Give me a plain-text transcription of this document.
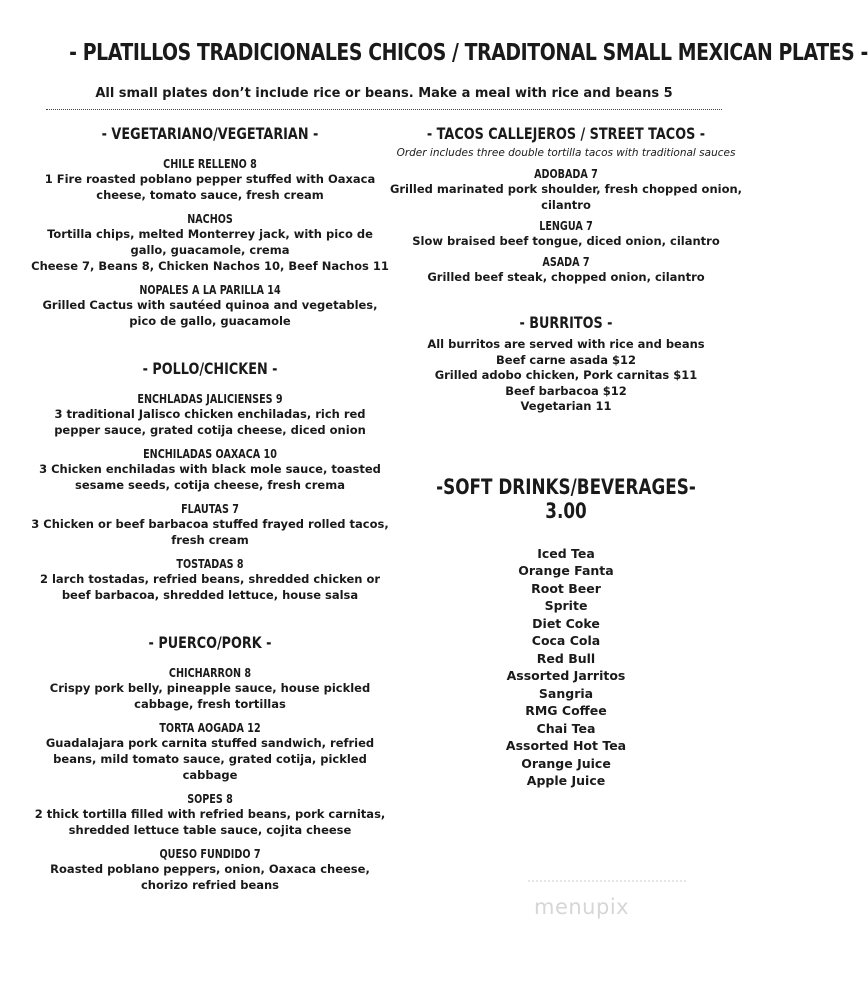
- PLATILLOS TRADICIONALES CHICOS / TRADITONAL SMALL MEXICAN PLATES -
All small plates don’t include rice or beans. Make a meal with rice and beans 5
- VEGETARIANO/VEGETARIAN -
CHILE RELLENO 8
1 Fire roasted poblano pepper stuffed with Oaxaca cheese, tomato sauce, fresh cream
NACHOS
Tortilla chips, melted Monterrey jack, with pico de gallo, guacamole, crema
Cheese 7, Beans 8, Chicken Nachos 10, Beef Nachos 11
NOPALES A LA PARILLA 14
Grilled Cactus with sautéed quinoa and vegetables, pico de gallo, guacamole
- POLLO/CHICKEN -
ENCHLADAS JALICIENSES 9
3 traditional Jalisco chicken enchiladas, rich red pepper sauce, grated cotija cheese, diced onion
ENCHILADAS OAXACA 10
3 Chicken enchiladas with black mole sauce, toasted sesame seeds, cotija cheese, fresh crema
FLAUTAS 7
3 Chicken or beef barbacoa stuffed frayed rolled tacos, fresh cream
TOSTADAS 8
2 larch tostadas, refried beans, shredded chicken or beef barbacoa, shredded lettuce, house salsa
- PUERCO/PORK -
CHICHARRON 8
Crispy pork belly, pineapple sauce, house pickled cabbage, fresh tortillas
TORTA AOGADA 12
Guadalajara pork carnita stuffed sandwich, refried beans, mild tomato sauce, grated cotija, pickled cabbage
SOPES 8
2 thick tortilla filled with refried beans, pork carnitas, shredded lettuce table sauce, cojita cheese
QUESO FUNDIDO 7
Roasted poblano peppers, onion, Oaxaca cheese, chorizo refried beans
- TACOS CALLEJEROS / STREET TACOS -
Order includes three double tortilla tacos with traditional sauces
ADOBADA 7
Grilled marinated pork shoulder, fresh chopped onion, cilantro
LENGUA 7
Slow braised beef tongue, diced onion, cilantro
ASADA 7
Grilled beef steak, chopped onion, cilantro
- BURRITOS -
All burritos are served with rice and beans
Beef carne asada $12
Grilled adobo chicken, Pork carnitas $11
Beef barbacoa $12
Vegetarian 11
-SOFT DRINKS/BEVERAGES-
3.00
Iced Tea
Orange Fanta
Root Beer
Sprite
Diet Coke
Coca Cola
Red Bull
Assorted Jarritos
Sangria
RMG Coffee
Chai Tea
Assorted Hot Tea
Orange Juice
Apple Juice
menupix
